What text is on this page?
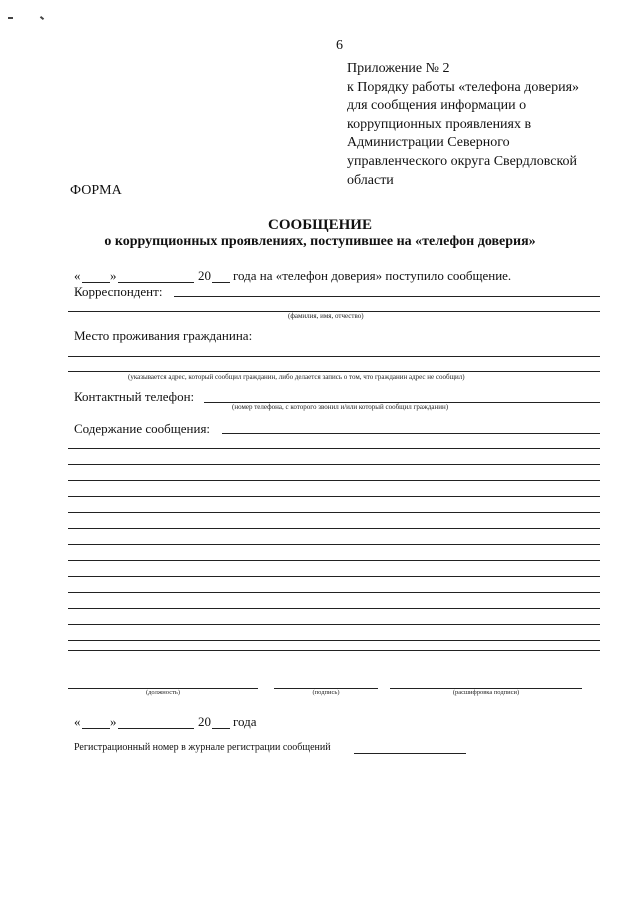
6
Приложение № 2
к Порядку работы «телефона доверия»
для сообщения информации о
коррупционных проявлениях в
Администрации Северного
управленческого округа Свердловской
области
ФОРМА
СООБЩЕНИЕ
о коррупционных проявлениях, поступившее на «телефон доверия»
« »	20 года на «телефон доверия» поступило сообщение.
Корреспондент:
(фамилия, имя, отчество)
Место проживания гражданина:
(указывается адрес, который сообщил гражданин, либо делается запись о том, что гражданин адрес не сообщил)
Контактный телефон:
(номер телефона, с которого звонил и/или который сообщил гражданин)
Содержание сообщения:
(должность)	(подпись)	(расшифровка подписи)
« »	20 года
Регистрационный номер в журнале регистрации сообщений
